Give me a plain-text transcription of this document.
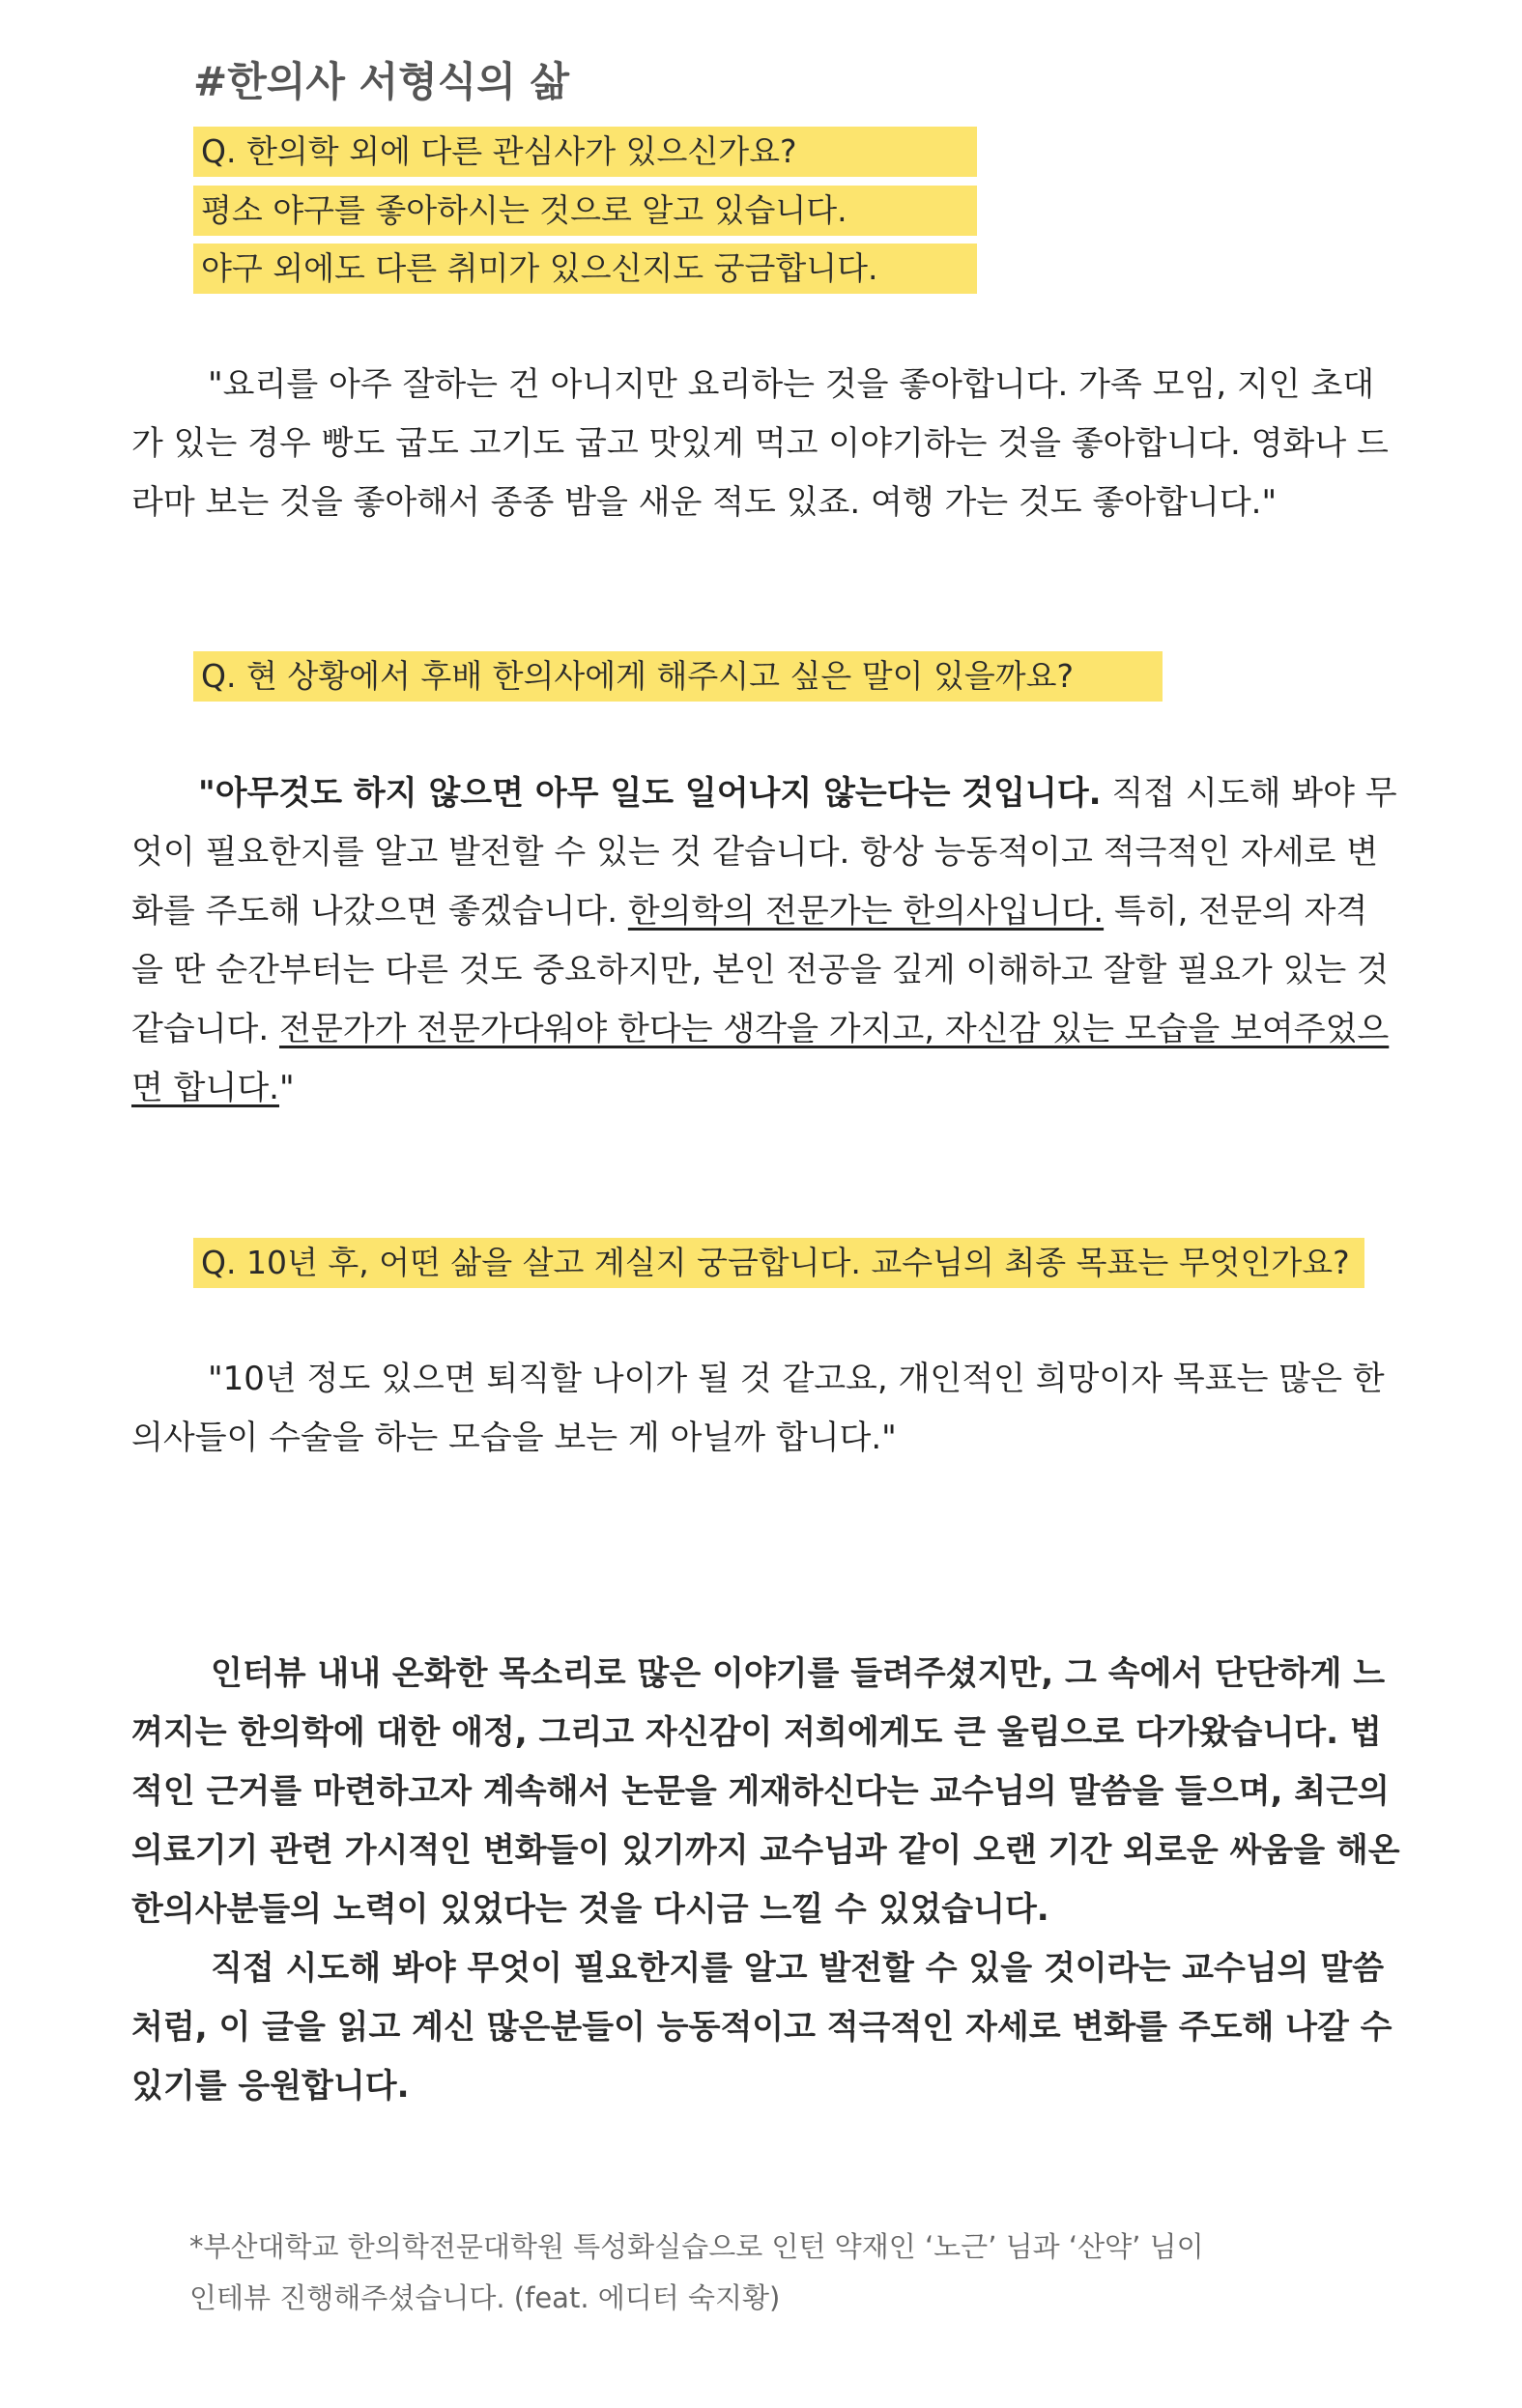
#한의사 서형식의 삶
Q. 한의학 외에 다른 관심사가 있으신가요?
평소 야구를 좋아하시는 것으로 알고 있습니다.
야구 외에도 다른 취미가 있으신지도 궁금합니다.
"요리를 아주 잘하는 건 아니지만 요리하는 것을 좋아합니다. 가족 모임, 지인 초대
가 있는 경우 빵도 굽도 고기도 굽고 맛있게 먹고 이야기하는 것을 좋아합니다. 영화나 드
라마 보는 것을 좋아해서 종종 밤을 새운 적도 있죠. 여행 가는 것도 좋아합니다."
Q. 현 상황에서 후배 한의사에게 해주시고 싶은 말이 있을까요?
"아무것도 하지 않으면 아무 일도 일어나지 않는다는 것입니다. 직접 시도해 봐야 무
엇이 필요한지를 알고 발전할 수 있는 것 같습니다. 항상 능동적이고 적극적인 자세로 변
화를 주도해 나갔으면 좋겠습니다. 한의학의 전문가는 한의사입니다. 특히, 전문의 자격
을 딴 순간부터는 다른 것도 중요하지만, 본인 전공을 깊게 이해하고 잘할 필요가 있는 것
같습니다. 전문가가 전문가다워야 한다는 생각을 가지고, 자신감 있는 모습을 보여주었으
면 합니다."
Q. 10년 후, 어떤 삶을 살고 계실지 궁금합니다. 교수님의 최종 목표는 무엇인가요?
"10년 정도 있으면 퇴직할 나이가 될 것 같고요, 개인적인 희망이자 목표는 많은 한
의사들이 수술을 하는 모습을 보는 게 아닐까 합니다."
인터뷰 내내 온화한 목소리로 많은 이야기를 들려주셨지만, 그 속에서 단단하게 느
껴지는 한의학에 대한 애정, 그리고 자신감이 저희에게도 큰 울림으로 다가왔습니다. 법
적인 근거를 마련하고자 계속해서 논문을 게재하신다는 교수님의 말씀을 들으며, 최근의
의료기기 관련 가시적인 변화들이 있기까지 교수님과 같이 오랜 기간 외로운 싸움을 해온
한의사분들의 노력이 있었다는 것을 다시금 느낄 수 있었습니다.
직접 시도해 봐야 무엇이 필요한지를 알고 발전할 수 있을 것이라는 교수님의 말씀
처럼, 이 글을 읽고 계신 많은분들이 능동적이고 적극적인 자세로 변화를 주도해 나갈 수
있기를 응원합니다.
*부산대학교 한의학전문대학원 특성화실습으로 인턴 약재인 ‘노근’ 님과 ‘산약’ 님이
인테뷰 진행해주셨습니다. (feat. 에디터 숙지황)
